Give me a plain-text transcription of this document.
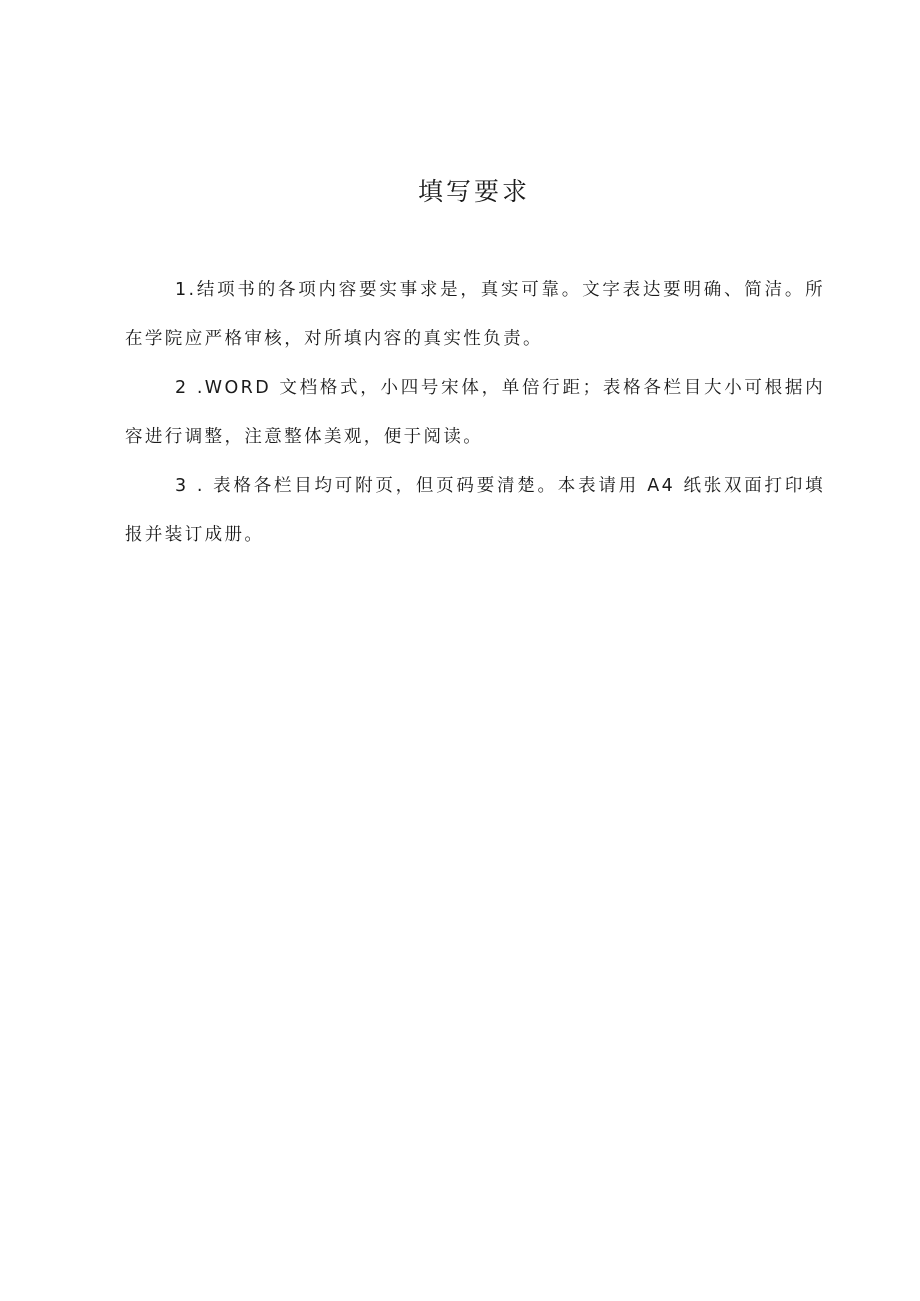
填写要求

1.结项书的各项内容要实事求是，真实可靠。文字表达要明确、简洁。所在学院应严格审核，对所填内容的真实性负责。

2 .WORD 文档格式，小四号宋体，单倍行距；表格各栏目大小可根据内容进行调整，注意整体美观，便于阅读。

3 . 表格各栏目均可附页，但页码要清楚。本表请用 A4 纸张双面打印填报并装订成册。
